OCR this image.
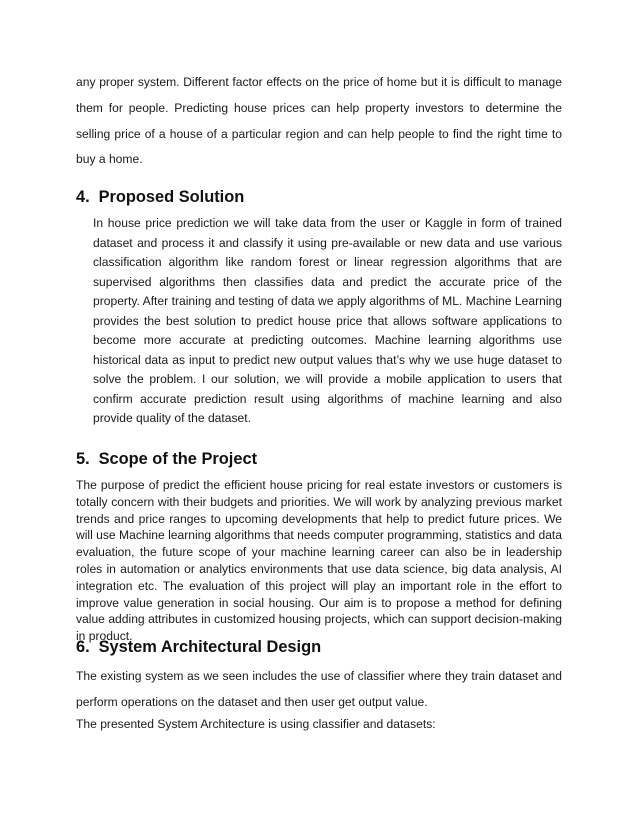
any proper system. Different factor effects on the price of home but it is difficult to manage them for people. Predicting house prices can help property investors to determine the selling price of a house of a particular region and can help people to find the right time to buy a home.

4. Proposed Solution

In house price prediction we will take data from the user or Kaggle in form of trained dataset and process it and classify it using pre-available or new data and use various classification algorithm like random forest or linear regression algorithms that are supervised algorithms then classifies data and predict the accurate price of the property. After training and testing of data we apply algorithms of ML. Machine Learning provides the best solution to predict house price that allows software applications to become more accurate at predicting outcomes. Machine learning algorithms use historical data as input to predict new output values that’s why we use huge dataset to solve the problem. I our solution, we will provide a mobile application to users that confirm accurate prediction result using algorithms of machine learning and also provide quality of the dataset.

5. Scope of the Project

The purpose of predict the efficient house pricing for real estate investors or customers is totally concern with their budgets and priorities. We will work by analyzing previous market trends and price ranges to upcoming developments that help to predict future prices. We will use Machine learning algorithms that needs computer programming, statistics and data evaluation, the future scope of your machine learning career can also be in leadership roles in automation or analytics environments that use data science, big data analysis, AI integration etc. The evaluation of this project will play an important role in the effort to improve value generation in social housing. Our aim is to propose a method for defining value adding attributes in customized housing projects, which can support decision-making in product.

6. System Architectural Design

The existing system as we seen includes the use of classifier where they train dataset and perform operations on the dataset and then user get output value.

The presented System Architecture is using classifier and datasets:
